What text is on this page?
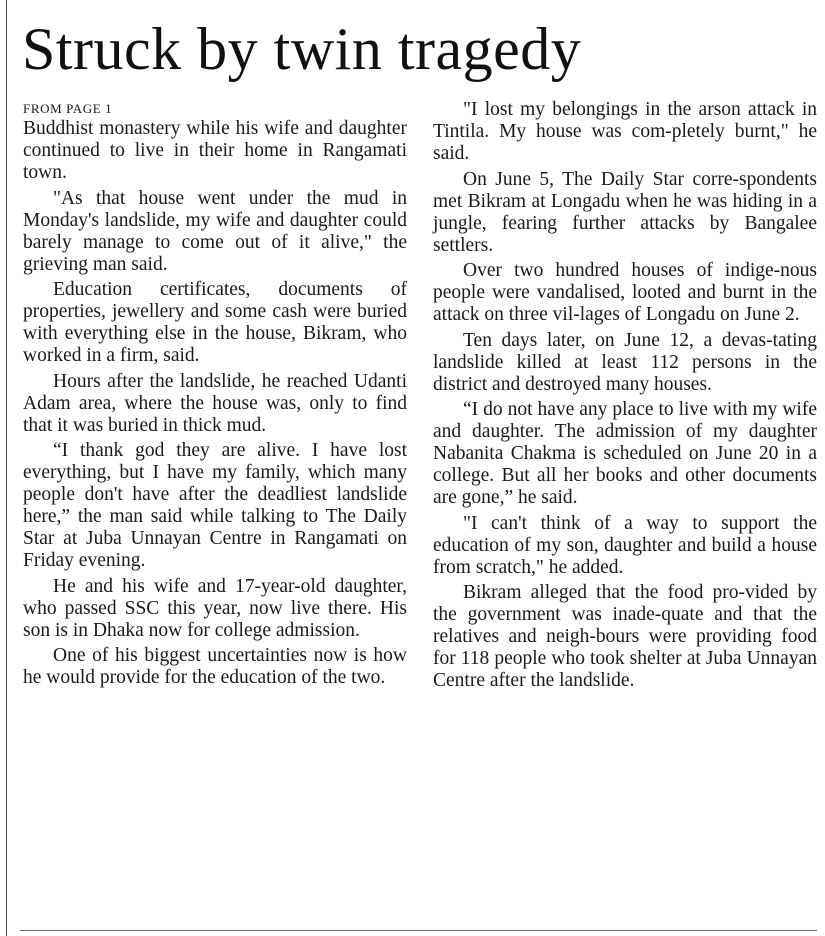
Struck by twin tragedy
FROM PAGE 1

Buddhist monastery while his wife and daughter continued to live in their home in Rangamati town.

"As that house went under the mud in Monday's landslide, my wife and daughter could barely manage to come out of it alive," the grieving man said.

Education certificates, documents of properties, jewellery and some cash were buried with everything else in the house, Bikram, who worked in a firm, said.

Hours after the landslide, he reached Udanti Adam area, where the house was, only to find that it was buried in thick mud.

“I thank god they are alive. I have lost everything, but I have my family, which many people don't have after the deadliest landslide here,” the man said while talking to The Daily Star at Juba Unnayan Centre in Rangamati on Friday evening.

He and his wife and 17-year-old daughter, who passed SSC this year, now live there. His son is in Dhaka now for college admission.

One of his biggest uncertainties now is how he would provide for the education of the two.

"I lost my belongings in the arson attack in Tintila. My house was com-pletely burnt," he said.

On June 5, The Daily Star corre-spondents met Bikram at Longadu when he was hiding in a jungle, fearing further attacks by Bangalee settlers.

Over two hundred houses of indige-nous people were vandalised, looted and burnt in the attack on three vil-lages of Longadu on June 2.

Ten days later, on June 12, a devas-tating landslide killed at least 112 persons in the district and destroyed many houses.

“I do not have any place to live with my wife and daughter. The admission of my daughter Nabanita Chakma is scheduled on June 20 in a college. But all her books and other documents are gone,” he said.

"I can't think of a way to support the education of my son, daughter and build a house from scratch," he added.

Bikram alleged that the food pro-vided by the government was inade-quate and that the relatives and neigh-bours were providing food for 118 people who took shelter at Juba Unnayan Centre after the landslide.
